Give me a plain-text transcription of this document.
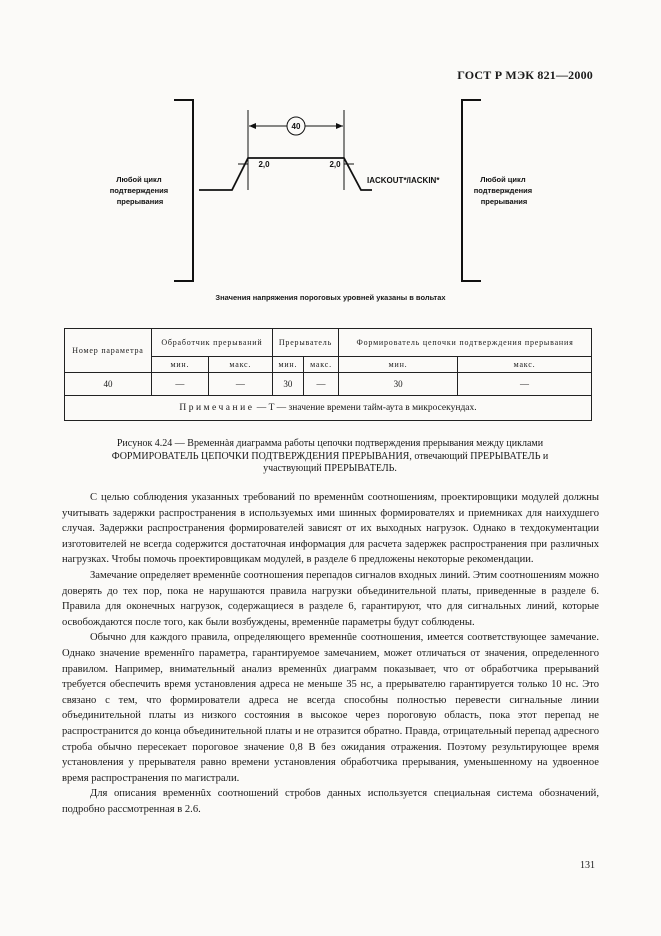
ГОСТ Р МЭК 821—2000
40
2,0	2,0
IACKOUT*/IACKIN*
Любой цикл подтверждения прерывания
Любой цикл подтверждения прерывания
Значения напряжения пороговых уровней указаны в вольтах
Номер параметра	Обработчик прерываний		Прерыватель		Формирователь цепочки подтверждения прерывания	
	мин.	макс.	мин.	макс.	мин.	макс.
40	—	—	30	—	30	—
Примечание — T — значение времени тайм-аута в микросекундах.						
Рисунок 4.24 — Временнàя диаграмма работы цепочки подтверждения прерывания между циклами
ФОРМИРОВАТЕЛЬ ЦЕПОЧКИ ПОДТВЕРЖДЕНИЯ ПРЕРЫВАНИЯ, отвечающий ПРЕРЫВАТЕЛЬ и
участвующий ПРЕРЫВАТЕЛЬ.

С целью соблюдения указанных требований по временнûм соотношениям, проектировщики модулей должны учитывать задержки распространения в используемых ими шинных формирователях и приемниках для наихудшего случая. Задержки распространения формирователей зависят от их выходных нагрузок. Однако в техдокументации изготовителей не всегда содержится достаточная информация для расчета задержек распространения при различных нагрузках. Чтобы помочь проектировщикам модулей, в разделе 6 предложены некоторые рекомендации.

Замечание определяет временнûе соотношения перепадов сигналов входных линий. Этим соотношениям можно доверять до тех пор, пока не нарушаются правила нагрузки объединительной платы, приведенные в разделе 6. Правила для оконечных нагрузок, содержащиеся в разделе 6, гарантируют, что для сигнальных линий, которые освобождаются после того, как были возбуждены, временнûе параметры будут соблюдены.

Обычно для каждого правила, определяющего временнûе соотношения, имеется соответствующее замечание. Однако значение временнîго параметра, гарантируемое замечанием, может отличаться от значения, определенного правилом. Например, внимательный анализ временнûх диаграмм показывает, что от обработчика прерываний требуется обеспечить время установления адреса не меньше 35 нс, а прерывателю гарантируется только 10 нс. Это связано с тем, что формирователи адреса не всегда способны полностью перевести сигнальные линии объединительной платы из низкого состояния в высокое через пороговую область, пока этот перепад не распространится до конца объединительной платы и не отразится обратно. Правда, отрицательный перепад адресного строба обычно пересекает пороговое значение 0,8 В без ожидания отражения. Поэтому результирующее время установления у прерывателя равно времени установления обработчика прерывания, уменьшенному на удвоенное время распространения по магистрали.

Для описания временнûх соотношений стробов данных используется специальная система обозначений, подробно рассмотренная в 2.6.

131
